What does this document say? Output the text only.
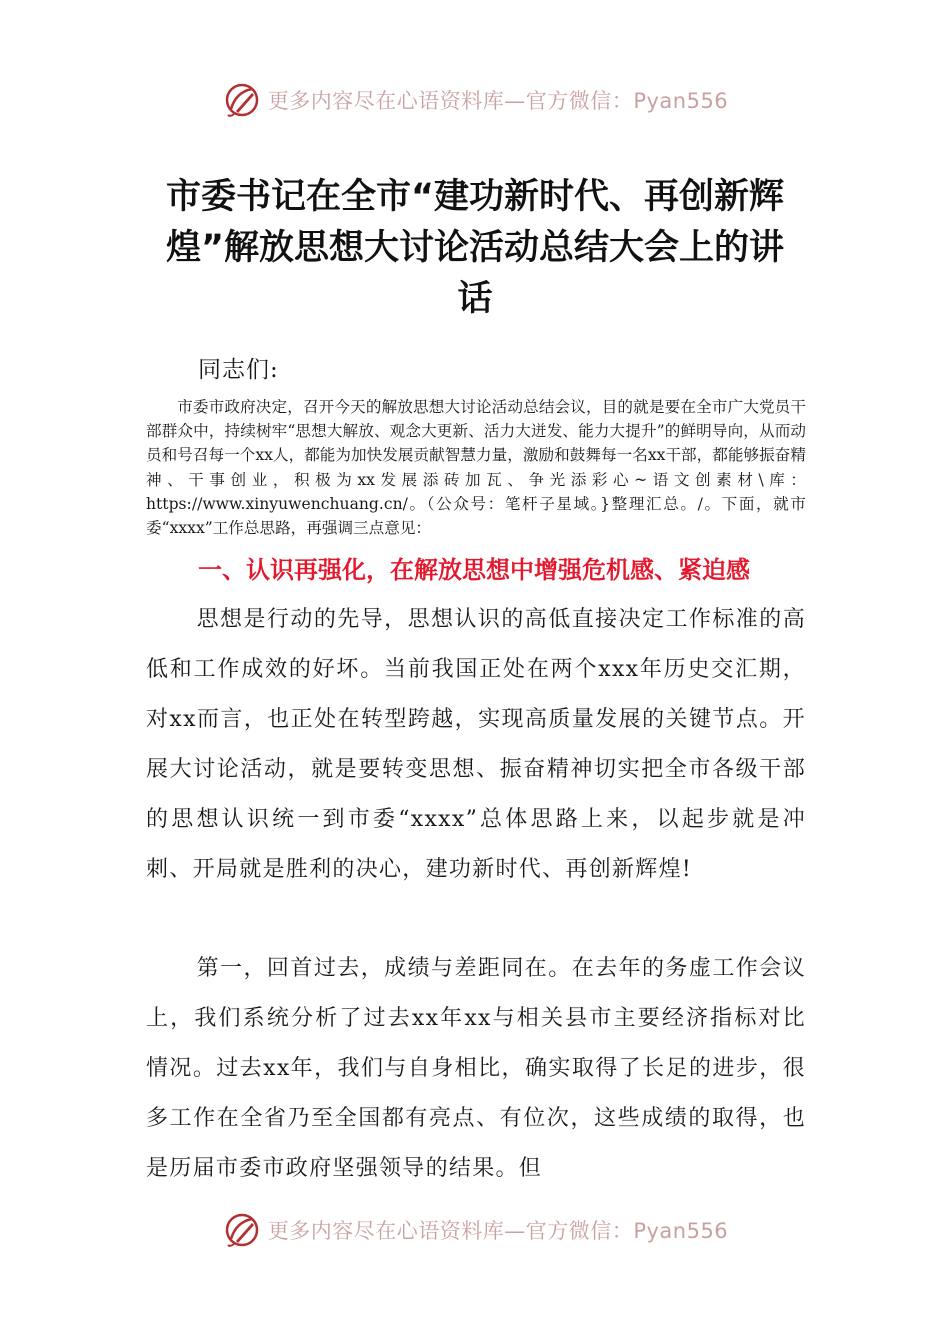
更多内容尽在心语资料库—官方微信：Pyan556
市委书记在全市“建功新时代、再创新辉煌”解放思想大讨论活动总结大会上的讲话
同志们:
市委市政府决定，召开今天的解放思想大讨论活动总结会议，目的就是要在全市广大党员干部群众中，持续树牢“思想大解放、观念大更新、活力大迸发、能力大提升”的鲜明导向，从而动员和号召每一个xx人，都能为加快发展贡献智慧力量，激励和鼓舞每一名xx干部，都能够振奋精神、干事创业，积极为xx发展添砖加瓦、争光添彩心~语文创素材\库：https://www.xinyuwenchuang.cn/。（公众号：笔杆子星域。}整理汇总。/。下面，就市委“xxxx”工作总思路，再强调三点意见：
一、认识再强化，在解放思想中增强危机感、紧迫感
思想是行动的先导，思想认识的高低直接决定工作标准的高低和工作成效的好坏。当前我国正处在两个xxx年历史交汇期，对xx而言，也正处在转型跨越，实现高质量发展的关键节点。开展大讨论活动，就是要转变思想、振奋精神切实把全市各级干部的思想认识统一到市委“xxxx”总体思路上来，以起步就是冲刺、开局就是胜利的决心，建功新时代、再创新辉煌!
第一，回首过去，成绩与差距同在。在去年的务虚工作会议上，我们系统分析了过去xx年xx与相关县市主要经济指标对比情况。过去xx年，我们与自身相比，确实取得了长足的进步，很多工作在全省乃至全国都有亮点、有位次，这些成绩的取得，也是历届市委市政府坚强领导的结果。但
更多内容尽在心语资料库—官方微信：Pyan556
